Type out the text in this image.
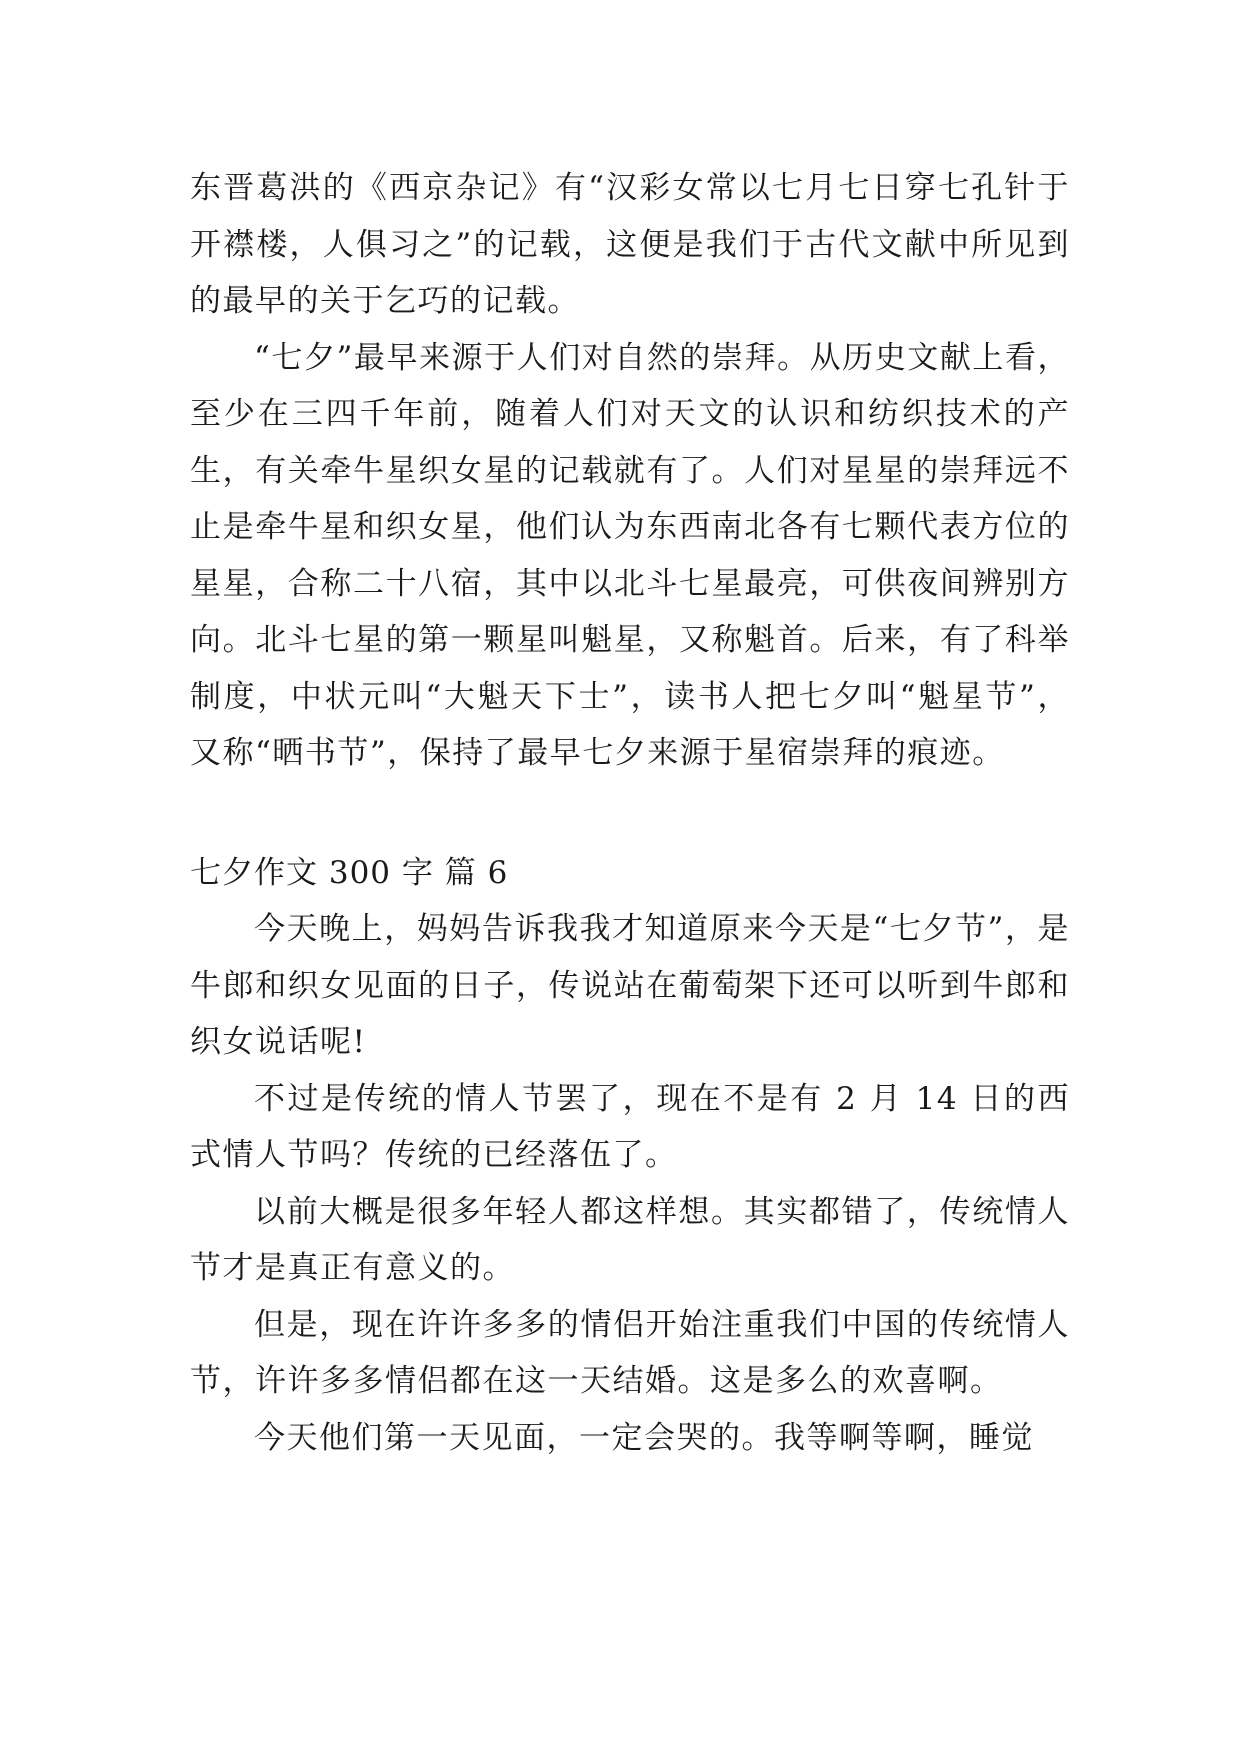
东晋葛洪的《西京杂记》有“汉彩女常以七月七日穿七孔针于开襟楼，人俱习之”的记载，这便是我们于古代文献中所见到的最早的关于乞巧的记载。

“七夕”最早来源于人们对自然的崇拜。从历史文献上看，至少在三四千年前，随着人们对天文的认识和纺织技术的产生，有关牵牛星织女星的记载就有了。人们对星星的崇拜远不止是牵牛星和织女星，他们认为东西南北各有七颗代表方位的星星，合称二十八宿，其中以北斗七星最亮，可供夜间辨别方向。北斗七星的第一颗星叫魁星，又称魁首。后来，有了科举制度，中状元叫“大魁天下士”，读书人把七夕叫“魁星节”，又称“晒书节”，保持了最早七夕来源于星宿崇拜的痕迹。

七夕作文 300 字 篇 6

今天晚上，妈妈告诉我我才知道原来今天是“七夕节”，是牛郎和织女见面的日子，传说站在葡萄架下还可以听到牛郎和织女说话呢!

不过是传统的情人节罢了，现在不是有 2 月 14 日的西式情人节吗？传统的已经落伍了。

以前大概是很多年轻人都这样想。其实都错了，传统情人节才是真正有意义的。

但是，现在许许多多的情侣开始注重我们中国的传统情人节，许许多多情侣都在这一天结婚。这是多么的欢喜啊。

今天他们第一天见面，一定会哭的。我等啊等啊，睡觉
